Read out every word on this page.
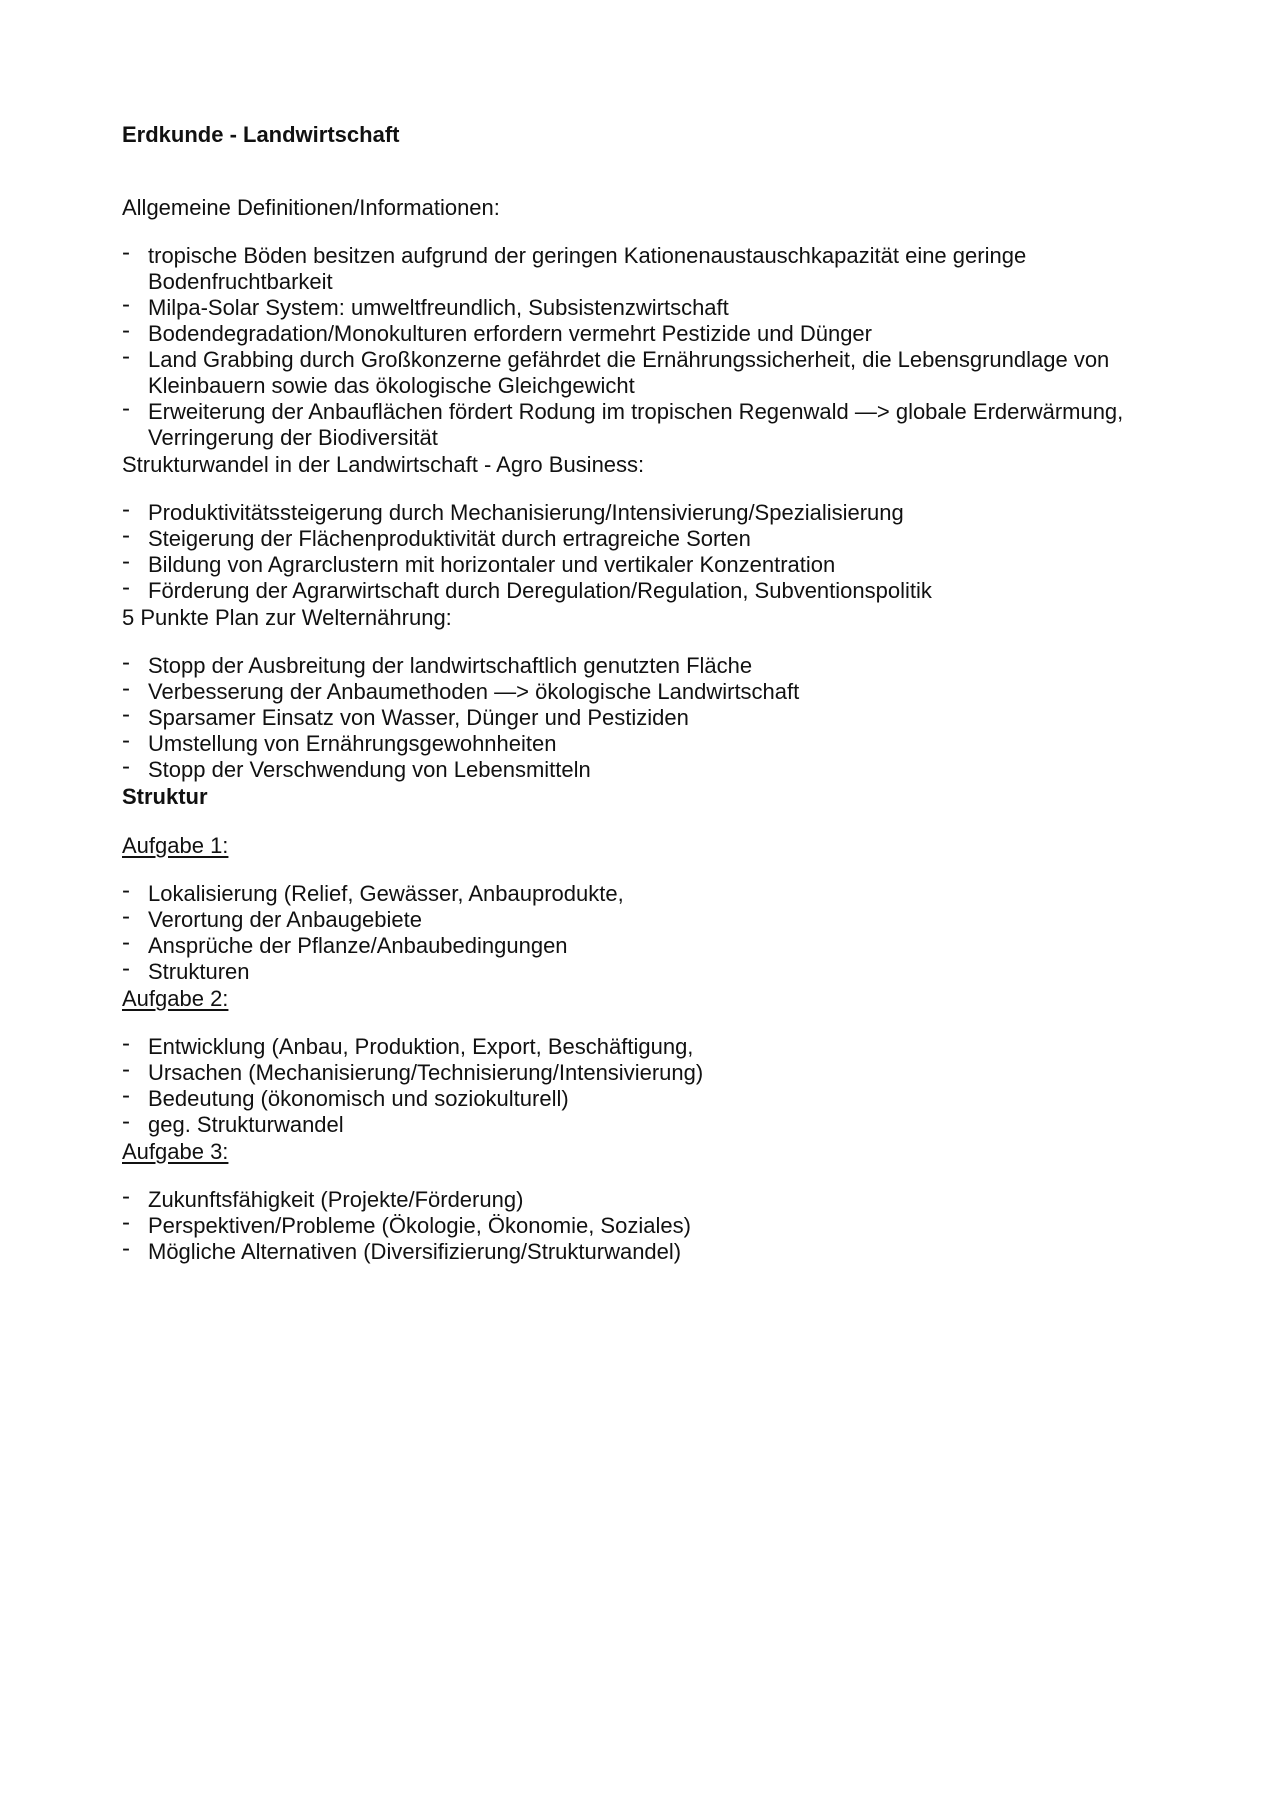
Erdkunde - Landwirtschaft
Allgemeine Definitionen/Informationen:
- tropische Böden besitzen aufgrund der geringen Kationenaustauschkapazität eine geringe Bodenfruchtbarkeit
- Milpa-Solar System: umweltfreundlich, Subsistenzwirtschaft
- Bodendegradation/Monokulturen erfordern vermehrt Pestizide und Dünger
- Land Grabbing durch Großkonzerne gefährdet die Ernährungssicherheit, die Lebensgrundlage von Kleinbauern sowie das ökologische Gleichgewicht
- Erweiterung der Anbauflächen fördert Rodung im tropischen Regenwald —> globale Erderwärmung, Verringerung der Biodiversität
Strukturwandel in der Landwirtschaft - Agro Business:
- Produktivitätssteigerung durch Mechanisierung/Intensivierung/Spezialisierung
- Steigerung der Flächenproduktivität durch ertragreiche Sorten
- Bildung von Agrarclustern mit horizontaler und vertikaler Konzentration
- Förderung der Agrarwirtschaft durch Deregulation/Regulation, Subventionspolitik
5 Punkte Plan zur Welternährung:
- Stopp der Ausbreitung der landwirtschaftlich genutzten Fläche
- Verbesserung der Anbaumethoden —> ökologische Landwirtschaft
- Sparsamer Einsatz von Wasser, Dünger und Pestiziden
- Umstellung von Ernährungsgewohnheiten
- Stopp der Verschwendung von Lebensmitteln
Struktur
Aufgabe 1:
- Lokalisierung (Relief, Gewässer, Anbauprodukte,
- Verortung der Anbaugebiete
- Ansprüche der Pflanze/Anbaubedingungen
- Strukturen
Aufgabe 2:
- Entwicklung (Anbau, Produktion, Export, Beschäftigung,
- Ursachen (Mechanisierung/Technisierung/Intensivierung)
- Bedeutung (ökonomisch und soziokulturell)
- geg. Strukturwandel
Aufgabe 3:
- Zukunftsfähigkeit (Projekte/Förderung)
- Perspektiven/Probleme (Ökologie, Ökonomie, Soziales)
- Mögliche Alternativen (Diversifizierung/Strukturwandel)
